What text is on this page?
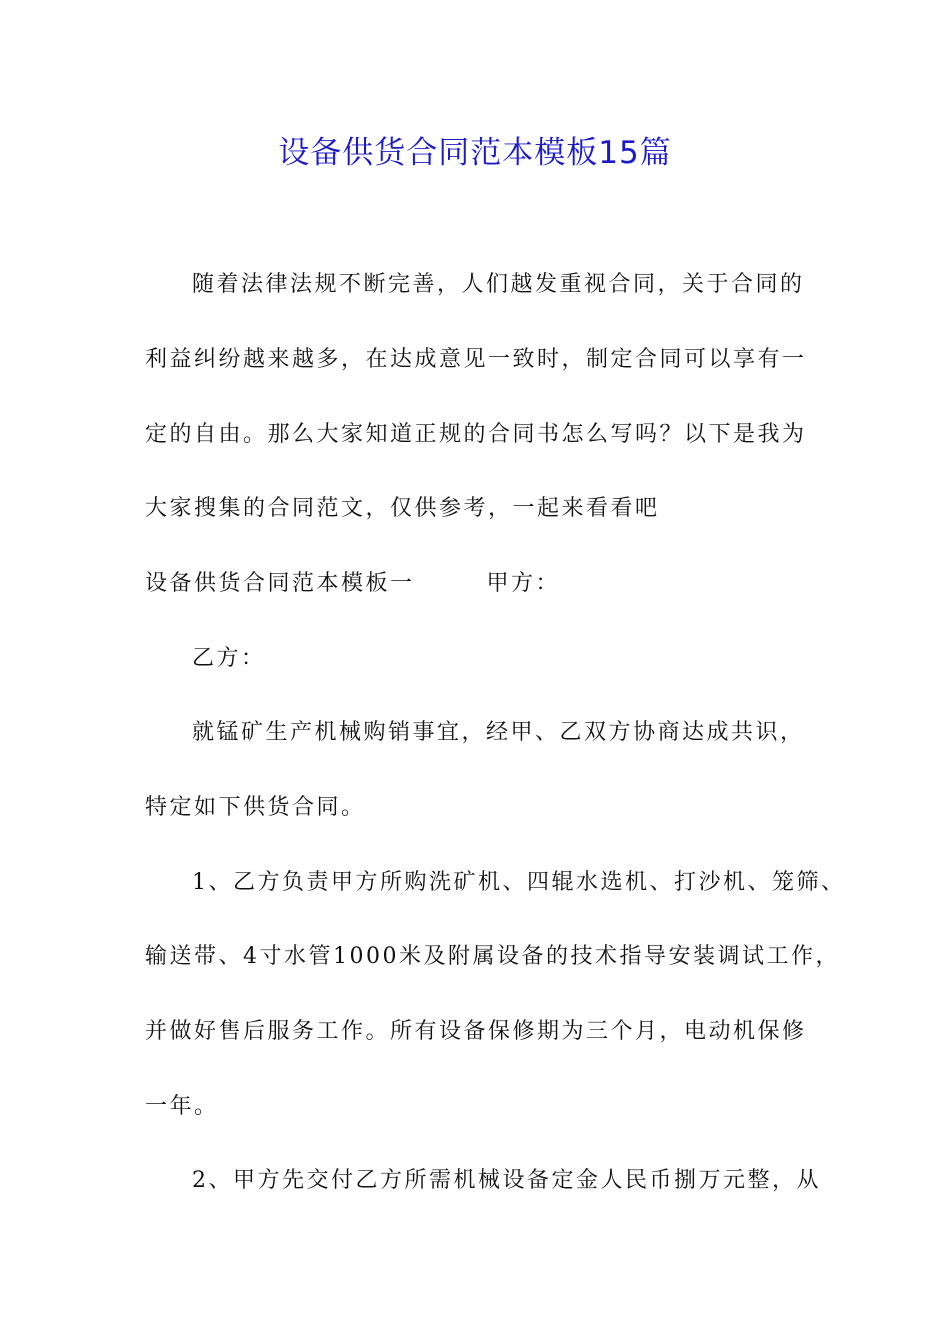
设备供货合同范本模板15篇
随着法律法规不断完善，人们越发重视合同，关于合同的
利益纠纷越来越多，在达成意见一致时，制定合同可以享有一
定的自由。那么大家知道正规的合同书怎么写吗？以下是我为
大家搜集的合同范文，仅供参考，一起来看看吧
设备供货合同范本模板一	甲方：
乙方：
就锰矿生产机械购销事宜，经甲、乙双方协商达成共识，
特定如下供货合同。
1、乙方负责甲方所购洗矿机、四辊水选机、打沙机、笼筛、
输送带、4寸水管1000米及附属设备的技术指导安装调试工作，
并做好售后服务工作。所有设备保修期为三个月，电动机保修
一年。
2、甲方先交付乙方所需机械设备定金人民币捌万元整，从
